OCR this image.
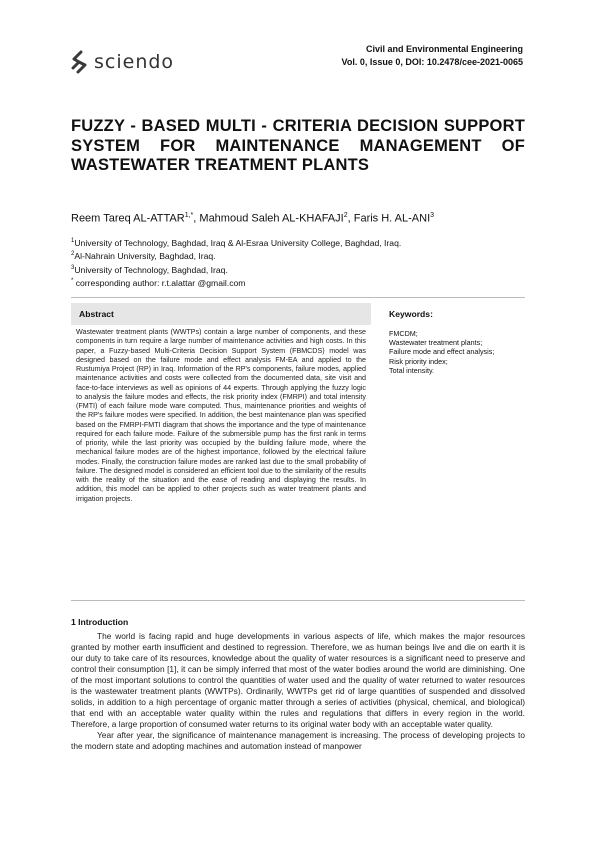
sciendo
Civil and Environmental Engineering
Vol. 0, Issue 0, DOI: 10.2478/cee-2021-0065
FUZZY - BASED MULTI - CRITERIA DECISION SUPPORT SYSTEM FOR MAINTENANCE MANAGEMENT OF WASTEWATER TREATMENT PLANTS
Reem Tareq $AL-ATTAR^{1,*}$, Mahmoud Saleh AL-KHAFAJI$^2$, Faris H. AL-ANI$^3$
$^1$University of Technology, Baghdad, Iraq & Al-Esraa University College, Baghdad, Iraq.
$^2$Al-Nahrain University, Baghdad, Iraq.
$^3$University of Technology, Baghdad, Iraq.
* corresponding author: r.t.alattar @gmail.com
Abstract
Wastewater treatment plants (WWTPs) contain a large number of components, and these components in turn require a large number of maintenance activities and high costs. In this paper, a Fuzzy-based Multi-Criteria Decision Support System (FBMCDS) model was designed based on the failure mode and effect analysis FM-EA and applied to the Rustumiya Project (RP) in Iraq. Information of the RP's components, failure modes, applied maintenance activities and costs were collected from the documented data, site visit and face-to-face interviews as well as opinions of 44 experts. Through applying the fuzzy logic to analysis the failure modes and effects, the risk priority index (FMRPI) and total intensity (FMTI) of each failure mode ware computed. Thus, maintenance priorities and weights of the RP's failure modes were specified. In addition, the best maintenance plan was specified based on the FMRPI-FMTI diagram that shows the importance and the type of maintenance required for each failure mode. Failure of the submersible pump has the first rank in terms of priority, while the last priority was occupied by the building failure mode, where the mechanical failure modes are of the highest importance, followed by the electrical failure modes. Finally, the construction failure modes are ranked last due to the small probability of failure. The designed model is considered an efficient tool due to the similarity of the results with the reality of the situation and the ease of reading and displaying the results. In addition, this model can be applied to other projects such as water treatment plants and irrigation projects.
Keywords:
FMCDM;
Wastewater treatment plants;
Failure mode and effect analysis;
Risk priority index;
Total intensity.
1 Introduction

The world is facing rapid and huge developments in various aspects of life, which makes the major resources granted by mother earth insufficient and destined to regression. Therefore, we as human beings live and die on earth it is our duty to take care of its resources, knowledge about the quality of water resources is a significant need to preserve and control their consumption [1], it can be simply inferred that most of the water bodies around the world are diminishing. One of the most important solutions to control the quantities of water used and the quality of water returned to water resources is the wastewater treatment plants (WWTPs). Ordinarily, WWTPs get rid of large quantities of suspended and dissolved solids, in addition to a high percentage of organic matter through a series of activities (physical, chemical, and biological) that end with an acceptable water quality within the rules and regulations that differs in every region in the world. Therefore, a large proportion of consumed water returns to its original water body with an acceptable water quality.

Year after year, the significance of maintenance management is increasing. The process of developing projects to the modern state and adopting machines and automation instead of manpower
